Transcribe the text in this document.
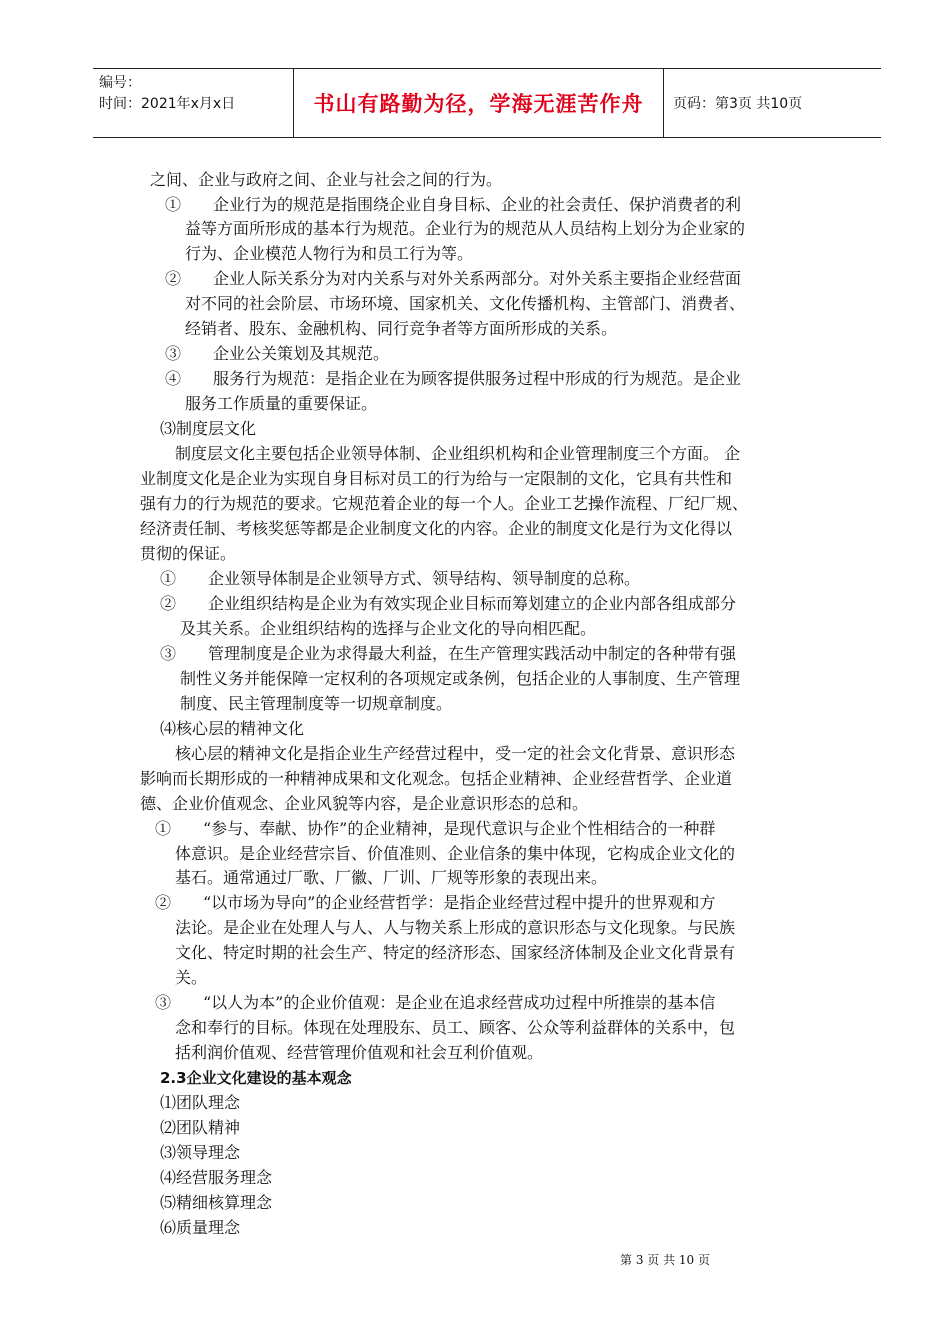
编号：
时间：2021年x月x日	书山有路勤为径，学海无涯苦作舟	页码：第3页 共10页
之间、企业与政府之间、企业与社会之间的行为。
①　　企业行为的规范是指围绕企业自身目标、企业的社会责任、保护消费者的利
益等方面所形成的基本行为规范。企业行为的规范从人员结构上划分为企业家的
行为、企业模范人物行为和员工行为等。
②　　企业人际关系分为对内关系与对外关系两部分。对外关系主要指企业经营面
对不同的社会阶层、市场环境、国家机关、文化传播机构、主管部门、消费者、
经销者、股东、金融机构、同行竞争者等方面所形成的关系。
③　　企业公关策划及其规范。
④　　服务行为规范：是指企业在为顾客提供服务过程中形成的行为规范。是企业
服务工作质量的重要保证。
⑶制度层文化
制度层文化主要包括企业领导体制、企业组织机构和企业管理制度三个方面。 企
业制度文化是企业为实现自身目标对员工的行为给与一定限制的文化，它具有共性和
强有力的行为规范的要求。它规范着企业的每一个人。企业工艺操作流程、厂纪厂规、
经济责任制、考核奖惩等都是企业制度文化的内容。企业的制度文化是行为文化得以
贯彻的保证。
①　　企业领导体制是企业领导方式、领导结构、领导制度的总称。
②　　企业组织结构是企业为有效实现企业目标而筹划建立的企业内部各组成部分
及其关系。企业组织结构的选择与企业文化的导向相匹配。
③　　管理制度是企业为求得最大利益，在生产管理实践活动中制定的各种带有强
制性义务并能保障一定权利的各项规定或条例，包括企业的人事制度、生产管理
制度、民主管理制度等一切规章制度。
⑷核心层的精神文化
核心层的精神文化是指企业生产经营过程中，受一定的社会文化背景、意识形态
影响而长期形成的一种精神成果和文化观念。包括企业精神、企业经营哲学、企业道
德、企业价值观念、企业风貌等内容，是企业意识形态的总和。
①　　“参与、奉献、协作”的企业精神，是现代意识与企业个性相结合的一种群
体意识。是企业经营宗旨、价值准则、企业信条的集中体现，它构成企业文化的
基石。通常通过厂歌、厂徽、厂训、厂规等形象的表现出来。
②　　“以市场为导向”的企业经营哲学：是指企业经营过程中提升的世界观和方
法论。是企业在处理人与人、人与物关系上形成的意识形态与文化现象。与民族
文化、特定时期的社会生产、特定的经济形态、国家经济体制及企业文化背景有
关。
③　　“以人为本”的企业价值观：是企业在追求经营成功过程中所推崇的基本信
念和奉行的目标。体现在处理股东、员工、顾客、公众等利益群体的关系中，包
括利润价值观、经营管理价值观和社会互利价值观。
2.3企业文化建设的基本观念
⑴团队理念
⑵团队精神
⑶领导理念
⑷经营服务理念
⑸精细核算理念
⑹质量理念
第 3 页 共 10 页
